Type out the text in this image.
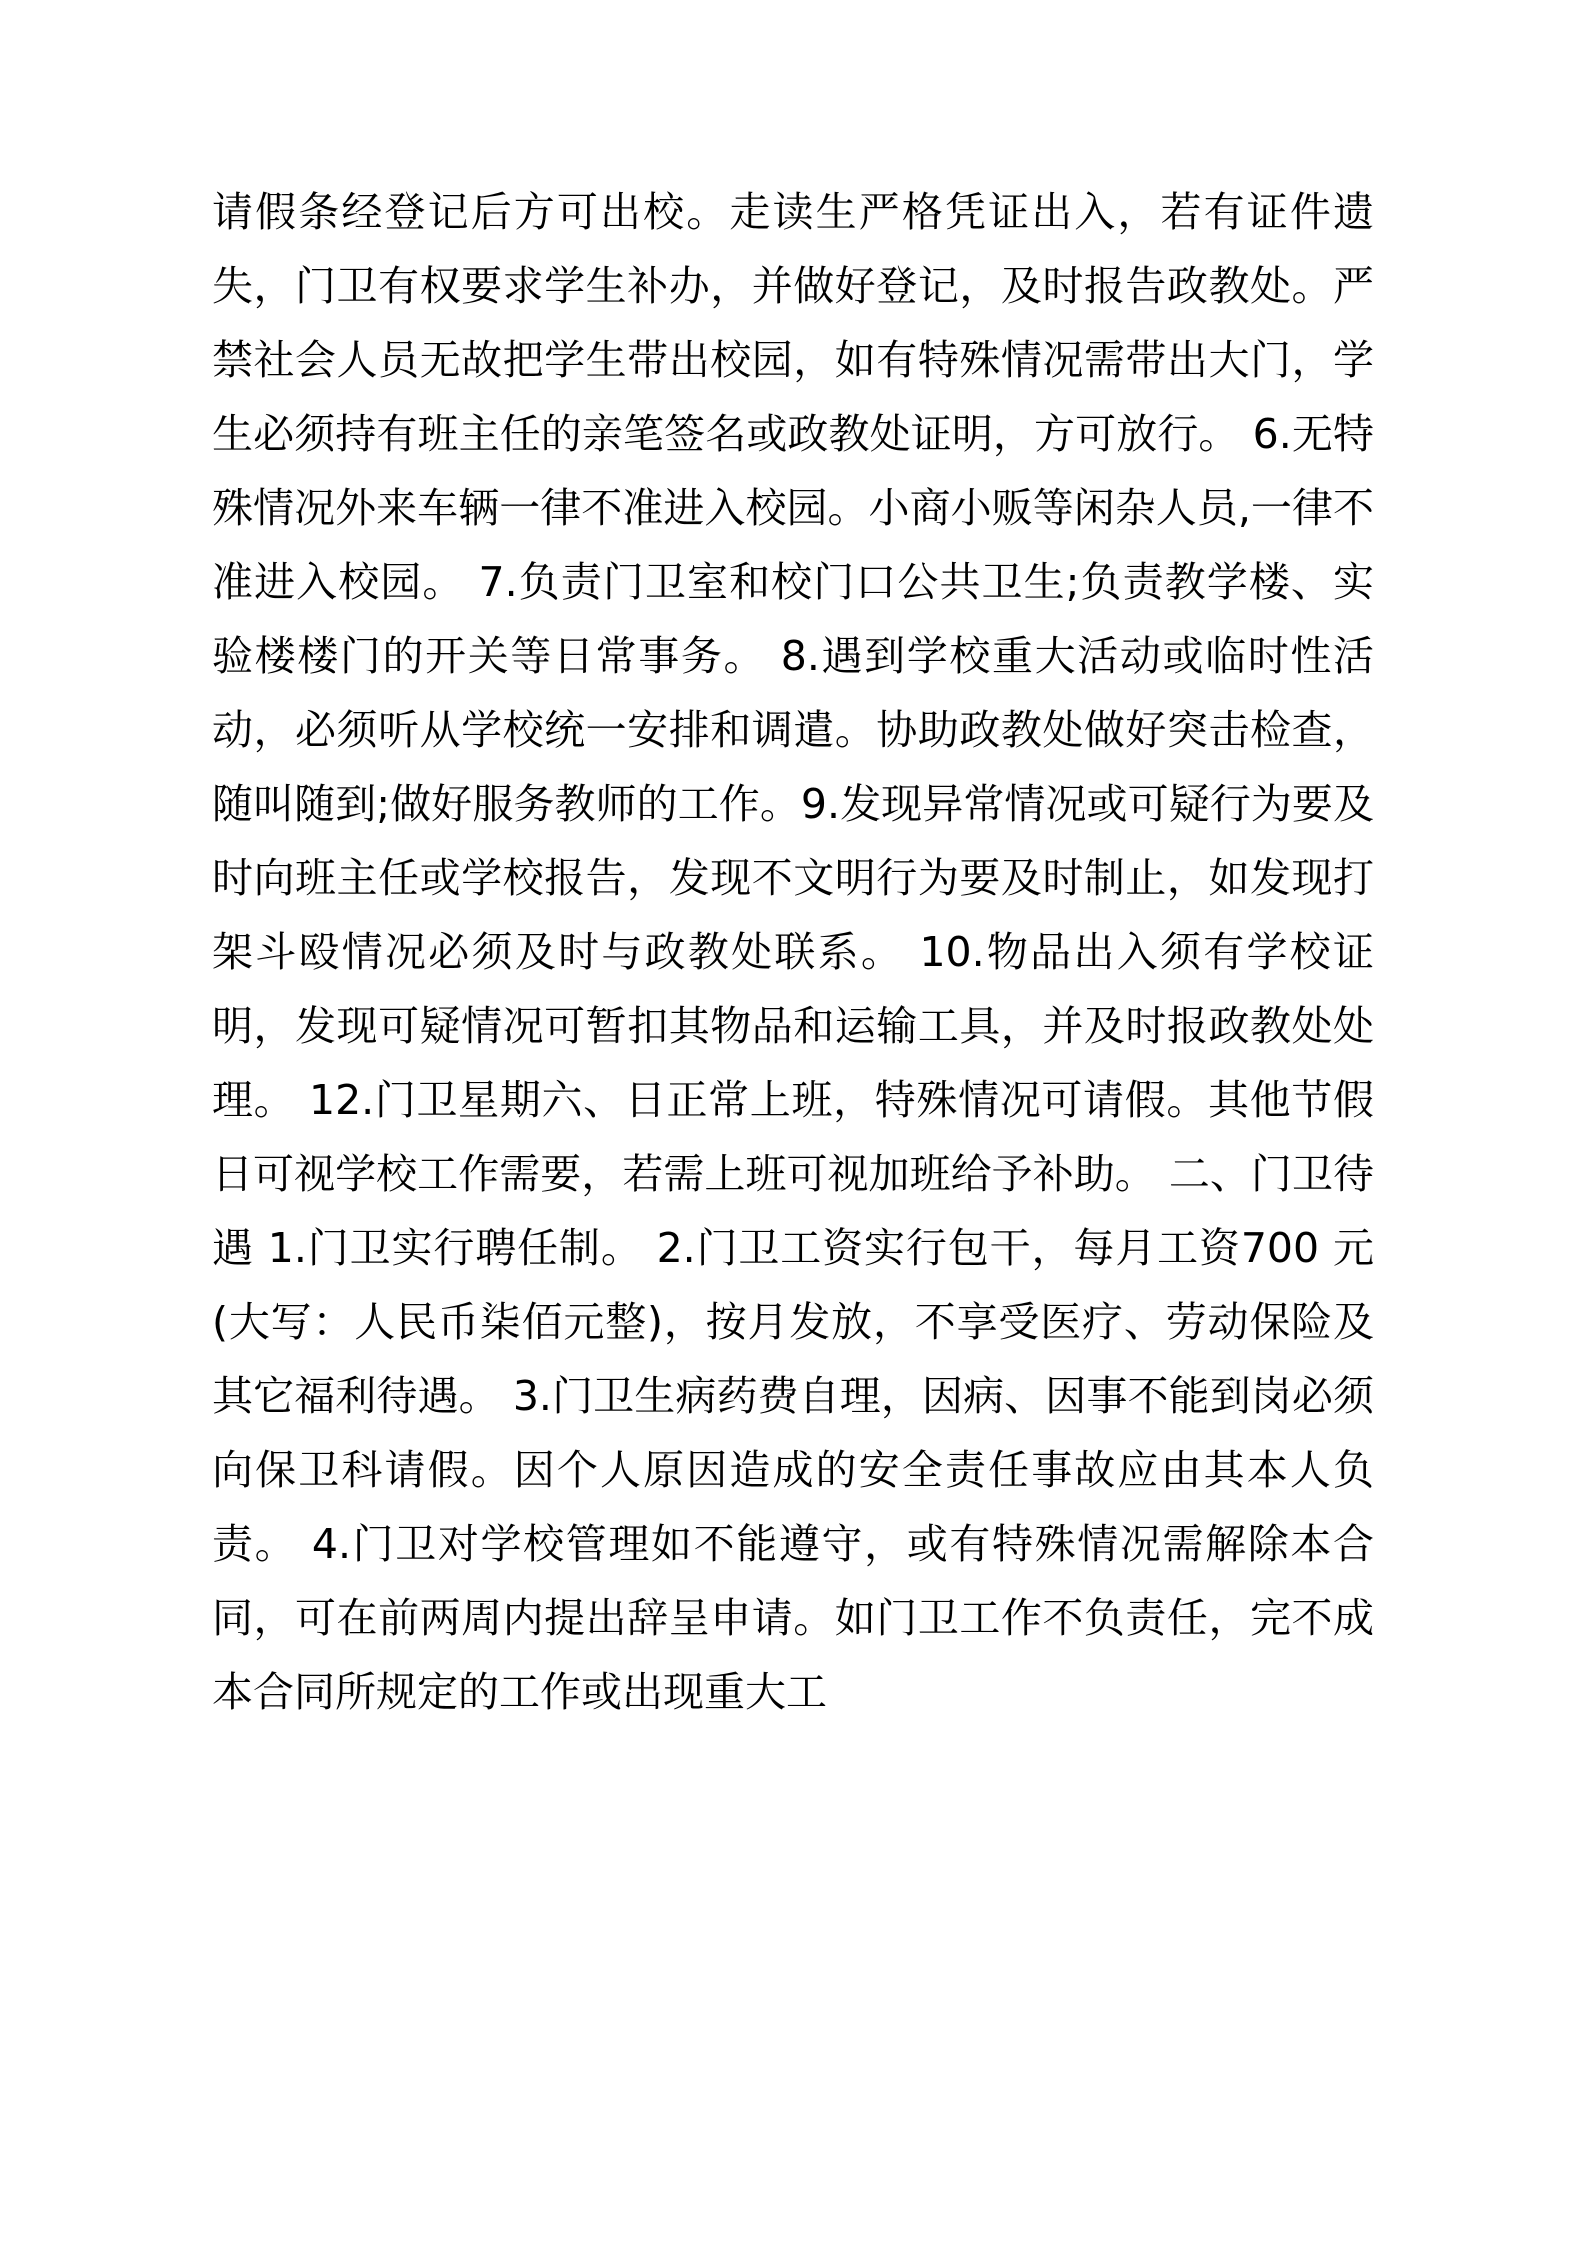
请假条经登记后方可出校。走读生严格凭证出入，若有证件遗失，门卫有权要求学生补办，并做好登记，及时报告政教处。严禁社会人员无故把学生带出校园，如有特殊情况需带出大门，学生必须持有班主任的亲笔签名或政教处证明，方可放行。 6.无特殊情况外来车辆一律不准进入校园。小商小贩等闲杂人员,一律不准进入校园。 7.负责门卫室和校门口公共卫生;负责教学楼、实验楼楼门的开关等日常事务。 8.遇到学校重大活动或临时性活动，必须听从学校统一安排和调遣。协助政教处做好突击检查，随叫随到;做好服务教师的工作。9.发现异常情况或可疑行为要及时向班主任或学校报告，发现不文明行为要及时制止，如发现打架斗殴情况必须及时与政教处联系。 10.物品出入须有学校证明，发现可疑情况可暂扣其物品和运输工具，并及时报政教处处理。 12.门卫星期六、日正常上班，特殊情况可请假。其他节假日可视学校工作需要，若需上班可视加班给予补助。 二、门卫待遇 1.门卫实行聘任制。 2.门卫工资实行包干，每月工资700 元(大写：人民币柒佰元整)，按月发放，不享受医疗、劳动保险及其它福利待遇。 3.门卫生病药费自理，因病、因事不能到岗必须向保卫科请假。因个人原因造成的安全责任事故应由其本人负责。 4.门卫对学校管理如不能遵守，或有特殊情况需解除本合同，可在前两周内提出辞呈申请。如门卫工作不负责任，完不成本合同所规定的工作或出现重大工
